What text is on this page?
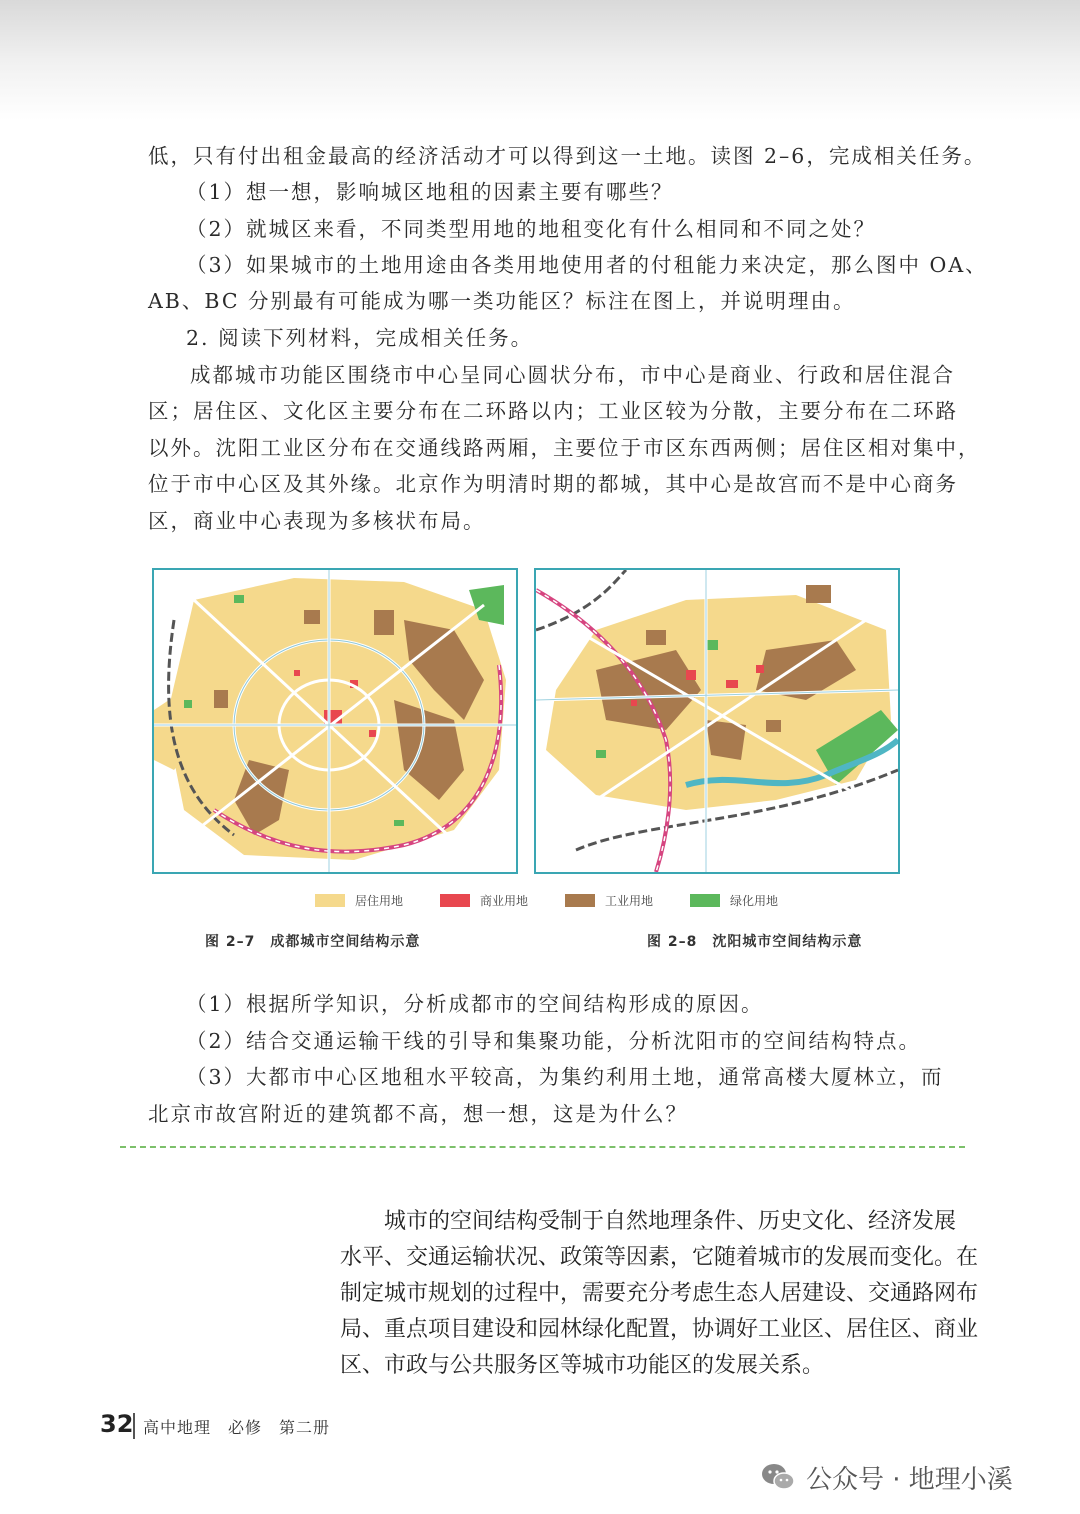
低，只有付出租金最高的经济活动才可以得到这一土地。读图 2–6，完成相关任务。
（1）想一想，影响城区地租的因素主要有哪些？
（2）就城区来看，不同类型用地的地租变化有什么相同和不同之处？
（3）如果城市的土地用途由各类用地使用者的付租能力来决定，那么图中 OA、
AB、BC 分别最有可能成为哪一类功能区？标注在图上，并说明理由。
2. 阅读下列材料，完成相关任务。
成都城市功能区围绕市中心呈同心圆状分布，市中心是商业、行政和居住混合
区；居住区、文化区主要分布在二环路以内；工业区较为分散，主要分布在二环路
以外。沈阳工业区分布在交通线路两厢，主要位于市区东西两侧；居住区相对集中，
位于市中心区及其外缘。北京作为明清时期的都城，其中心是故宫而不是中心商务
区，商业中心表现为多核状布局。
居住用地	商业用地	工业用地	绿化用地
图 2–7　成都城市空间结构示意	图 2–8　沈阳城市空间结构示意
（1）根据所学知识，分析成都市的空间结构形成的原因。
（2）结合交通运输干线的引导和集聚功能，分析沈阳市的空间结构特点。
（3）大都市中心区地租水平较高，为集约利用土地，通常高楼大厦林立，而
北京市故宫附近的建筑都不高，想一想，这是为什么？
城市的空间结构受制于自然地理条件、历史文化、经济发展
水平、交通运输状况、政策等因素，它随着城市的发展而变化。在
制定城市规划的过程中，需要充分考虑生态人居建设、交通路网布
局、重点项目建设和园林绿化配置，协调好工业区、居住区、商业
区、市政与公共服务区等城市功能区的发展关系。
32 高中地理　必修　第二册
公众号 · 地理小溪
